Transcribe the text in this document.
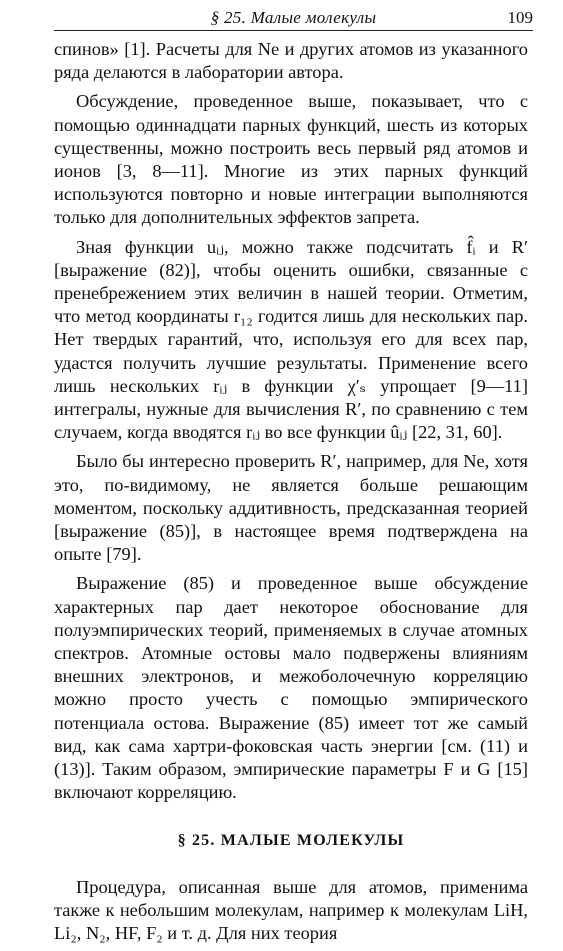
§ 25. Малые молекулы	109

спинов» [1]. Расчеты для Ne и других атомов из указанного ряда делаются в лаборатории автора.

Обсуждение, проведенное выше, показывает, что с помощью одиннадцати парных функций, шесть из которых существенны, можно построить весь первый ряд атомов и ионов [3, 8—11]. Многие из этих парных функций используются повторно и новые интеграции выполняются только для дополнительных эффектов запрета.

Зная функции uᵢⱼ, можно также подсчитать f̂ᵢ и R′ [выражение (82)], чтобы оценить ошибки, связанные с пренебрежением этих величин в нашей теории. Отметим, что метод координаты r₁₂ годится лишь для нескольких пар. Нет твердых гарантий, что, используя его для всех пар, удастся получить лучшие результаты. Применение всего лишь нескольких rᵢⱼ в функции χ′ₛ упрощает [9—11] интегралы, нужные для вычисления R′, по сравнению с тем случаем, когда вводятся rᵢⱼ во все функции ûᵢⱼ [22, 31, 60].

Было бы интересно проверить R′, например, для Ne, хотя это, по-видимому, не является больше решающим моментом, поскольку аддитивность, предсказанная теорией [выражение (85)], в настоящее время подтверждена на опыте [79].

Выражение (85) и проведенное выше обсуждение характерных пар дает некоторое обоснование для полуэмпирических теорий, применяемых в случае атомных спектров. Атомные остовы мало подвержены влияниям внешних электронов, и межоболочечную корреляцию можно просто учесть с помощью эмпирического потенциала остова. Выражение (85) имеет тот же самый вид, как сама хартри-фоковская часть энергии [см. (11) и (13)]. Таким образом, эмпирические параметры F и G [15] включают корреляцию.

§ 25. МАЛЫЕ МОЛЕКУЛЫ

Процедура, описанная выше для атомов, применима также к небольшим молекулам, например к молекулам LiH, Li₂, N₂, HF, F₂ и т. д. Для них теория
